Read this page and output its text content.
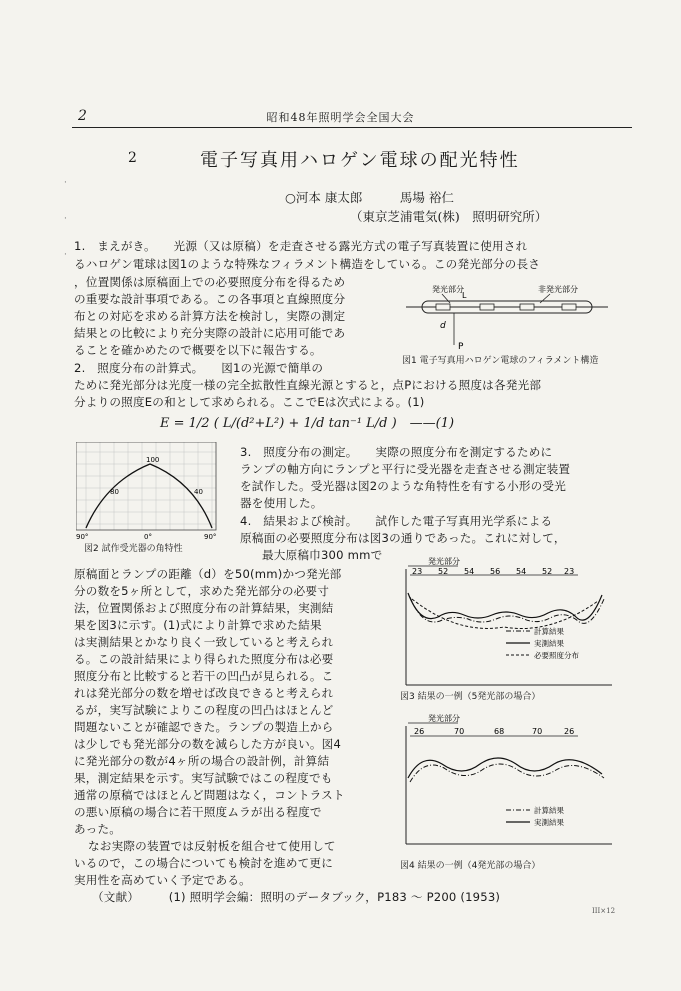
2	昭和48年照明学会全国大会
·
·
·
2	電子写真用ハロゲン電球の配光特性
○河本 康太郎　　　馬場 裕仁
（東京芝浦電気(株)　照明研究所）
1.　まえがき。　　光源（又は原稿）を走査させる露光方式の電子写真装置に使用され
るハロゲン電球は図1のような特殊なフィラメント構造をしている。この発光部分の長さ
，位置関係は原稿面上での必要照度分布を得るため
の重要な設計事項である。この各事項と直線照度分
布との対応を求める計算方法を検討し，実際の測定
結果との比較により充分実際の設計に応用可能であ
ることを確かめたので概要を以下に報告する。
2.　照度分布の計算式。　　図1の光源で簡単の
ために発光部分は光度一様の完全拡散性直線光源とすると，点Pにおける照度は各発光部
分よりの照度Eの和として求められる。ここでEは次式による。(1)
発光部分	非発光部分
d
P
L
図1 電子写真用ハロゲン電球のフィラメント構造
E = 1/2 ( L/(d²+L²) + 1/d tan⁻¹ L/d )　——(1)
100
80	40
90°	0°	90°
図2 試作受光器の角特性
3.　照度分布の測定。　　実際の照度分布を測定するために
ランプの軸方向にランプと平行に受光器を走査させる測定装置
を試作した。受光器は図2のような角特性を有する小形の受光
器を使用した。
4.　結果および検討。　　試作した電子写真用光学系による
原稿面の必要照度分布は図3の通りであった。これに対して，
最大原稿巾300 mmで
原稿面とランプの距離（d）を50(mm)かつ発光部
分の数を5ヶ所として，求めた発光部分の必要寸
法，位置関係および照度分布の計算結果，実測結
果を図3に示す。(1)式により計算で求めた結果
は実測結果とかなり良く一致していると考えられ
る。この設計結果により得られた照度分布は必要
照度分布と比較すると若干の凹凸が見られる。こ
れは発光部分の数を増せば改良できると考えられ
るが，実写試験によりこの程度の凹凸はほとんど
問題ないことが確認できた。ランプの製造上から
は少しでも発光部分の数を減らした方が良い。図4
に発光部分の数が4ヶ所の場合の設計例，計算結
果，測定結果を示す。実写試験ではこの程度でも
通常の原稿ではほとんど問題はなく，コントラスト
の悪い原稿の場合に若干照度ムラが出る程度で
あった。
なお実際の装置では反射板を組合せて使用して
いるので，この場合についても検討を進めて更に
実用性を高めていく予定である。
（文献）　　　(1) 照明学会編：照明のデータブック，P183 〜 P200 (1953)
発光部分
23 52 54 56 54 52 23
計算結果
実測結果
必要照度分布
図3 結果の一例（5発光部の場合）
発光部分
26	70	68	70	26
計算結果
実測結果
図4 結果の一例（4発光部の場合）
III×12
